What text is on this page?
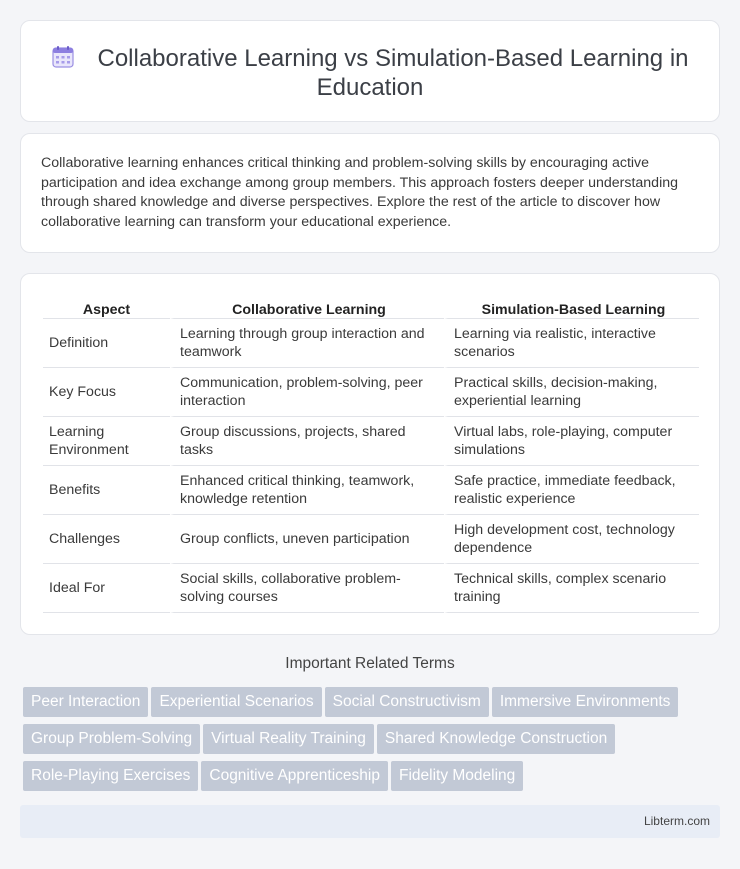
Collaborative Learning vs Simulation-Based Learning in Education

Collaborative learning enhances critical thinking and problem-solving skills by encouraging active participation and idea exchange among group members. This approach fosters deeper understanding through shared knowledge and diverse perspectives. Explore the rest of the article to discover how collaborative learning can transform your educational experience.

Aspect	Collaborative Learning	Simulation-Based Learning
Definition	Learning through group interaction and teamwork	Learning via realistic, interactive scenarios
Key Focus	Communication, problem-solving, peer interaction	Practical skills, decision-making, experiential learning
Learning Environment	Group discussions, projects, shared tasks	Virtual labs, role-playing, computer simulations
Benefits	Enhanced critical thinking, teamwork, knowledge retention	Safe practice, immediate feedback, realistic experience
Challenges	Group conflicts, uneven participation	High development cost, technology dependence
Ideal For	Social skills, collaborative problem-solving courses	Technical skills, complex scenario training
Important Related Terms
Peer Interaction Experiential Scenarios Social Constructivism Immersive EnvironmentsGroup Problem-Solving Virtual Reality Training Shared Knowledge ConstructionRole-Playing Exercises Cognitive Apprenticeship Fidelity Modeling
Libterm.com
